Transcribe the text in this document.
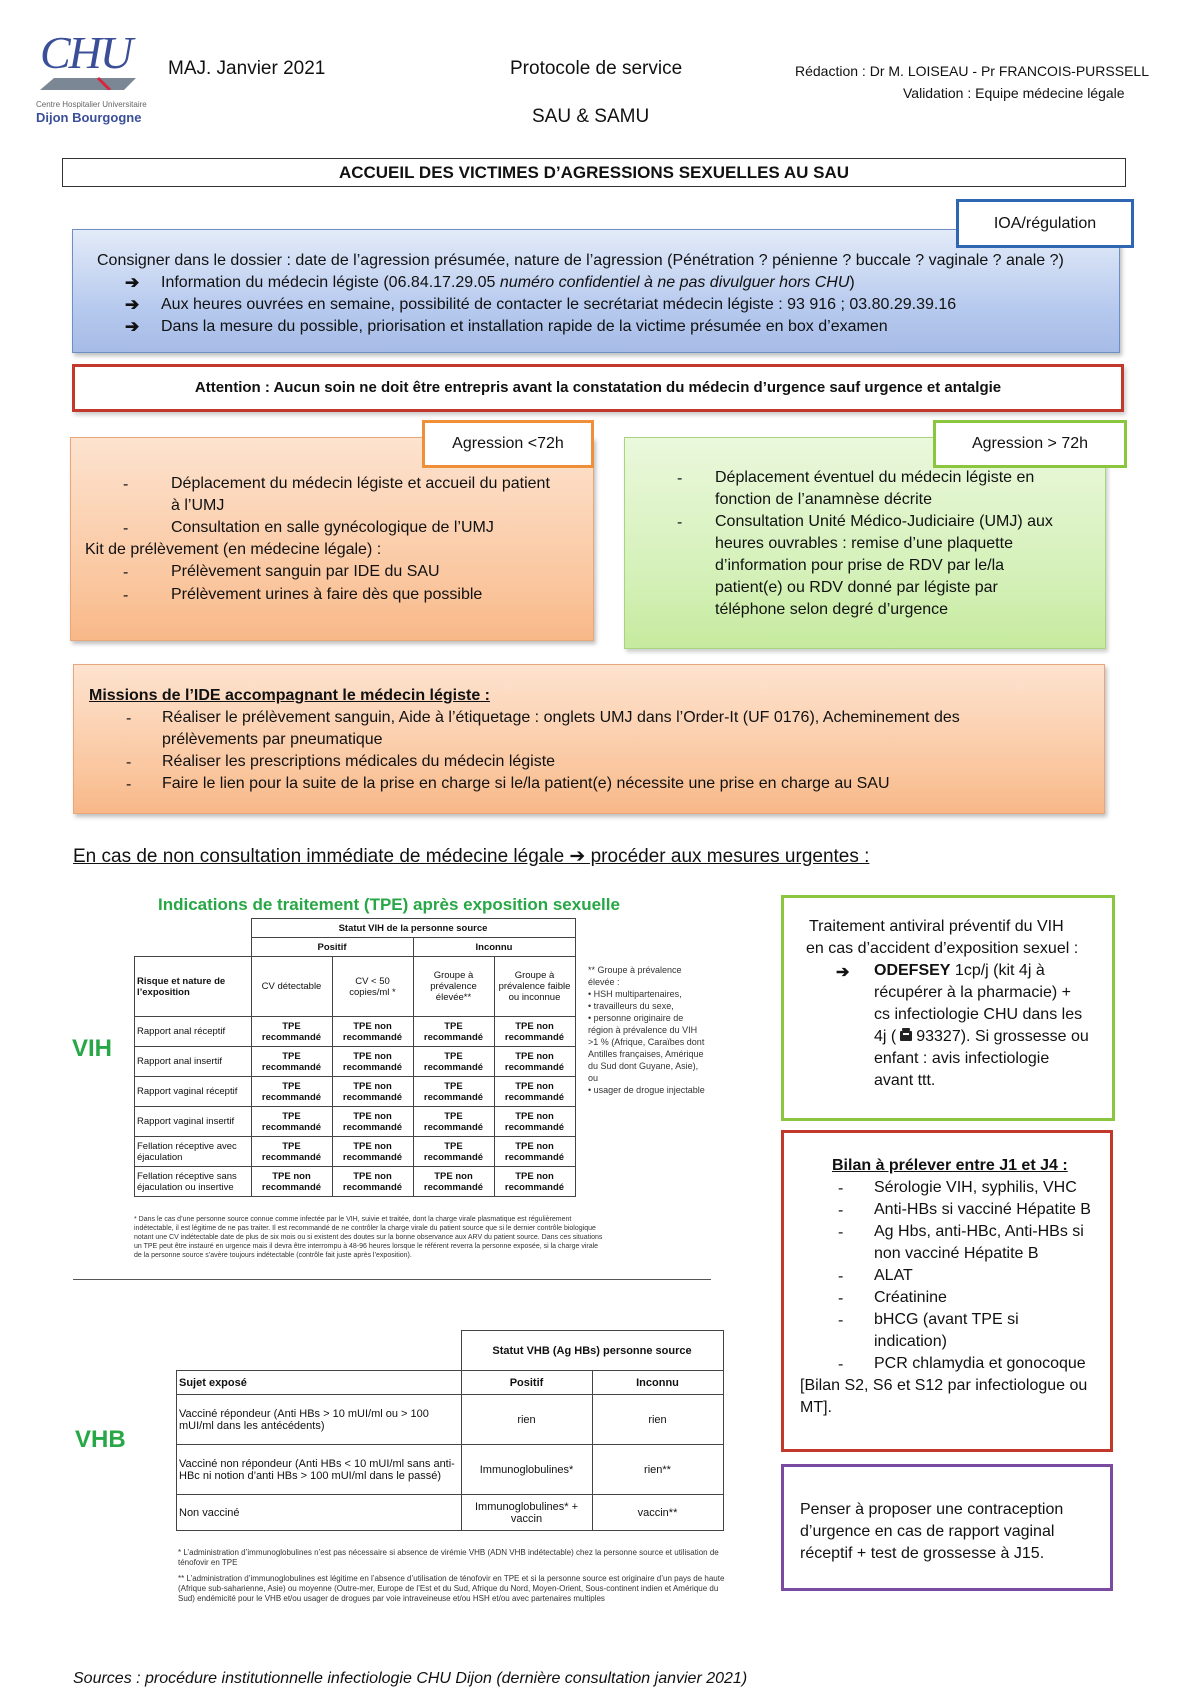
CHU
Centre Hospitalier Universitaire
Dijon Bourgogne
MAJ. Janvier 2021	Protocole de service
SAU & SAMU
Rédaction : Dr M. LOISEAU - Pr FRANCOIS-PURSSELL
Validation : Equipe médecine légale
ACCUEIL DES VICTIMES D’AGRESSIONS SEXUELLES AU SAU
IOA/régulation
Consigner dans le dossier : date de l’agression présumée, nature de l’agression (Pénétration ? pénienne ? buccale ? vaginale ? anale ?)
➔ Information du médecin légiste (06.84.17.29.05 numéro confidentiel à ne pas divulguer hors CHU)
➔ Aux heures ouvrées en semaine, possibilité de contacter le secrétariat médecin légiste : 93 916 ; 03.80.29.39.16
➔ Dans la mesure du possible, priorisation et installation rapide de la victime présumée en box d’examen
Attention : Aucun soin ne doit être entrepris avant la constatation du médecin d’urgence sauf urgence et antalgie
Agression <72h
-	Déplacement du médecin légiste et accueil du patient
à l’UMJ
-	Consultation en salle gynécologique de l’UMJ
Kit de prélèvement (en médecine légale) :
-	Prélèvement sanguin par IDE du SAU
-	Prélèvement urines à faire dès que possible
Agression > 72h
- Déplacement éventuel du médecin légiste en
fonction de l’anamnèse décrite
- Consultation Unité Médico-Judiciaire (UMJ) aux
heures ouvrables : remise d’une plaquette
d’information pour prise de RDV par le/la
patient(e) ou RDV donné par légiste par
téléphone selon degré d’urgence
Missions de l’IDE accompagnant le médecin légiste :
- Réaliser le prélèvement sanguin, Aide à l’étiquetage : onglets UMJ dans l’Order-It (UF 0176), Acheminement des
prélèvements par pneumatique
- Réaliser les prescriptions médicales du médecin légiste
- Faire le lien pour la suite de la prise en charge si le/la patient(e) nécessite une prise en charge au SAU
En cas de non consultation immédiate de médecine légale ➔ procéder aux mesures urgentes :
Indications de traitement (TPE) après exposition sexuelle
VIH
	Statut VIH de la personne source			
	Positif		Inconnu	
Risque et nature de l’exposition	CV détectable	CV < 50 copies/ml *	Groupe à prévalence élevée**	Groupe à prévalence faible ou inconnue
Rapport anal réceptif	TPE recommandé	TPE non recommandé	TPE recommandé	TPE non recommandé
Rapport anal insertif	TPE recommandé	TPE non recommandé	TPE recommandé	TPE non recommandé
Rapport vaginal réceptif	TPE recommandé	TPE non recommandé	TPE recommandé	TPE non recommandé
Rapport vaginal insertif	TPE recommandé	TPE non recommandé	TPE recommandé	TPE non recommandé
Fellation réceptive avec éjaculation	TPE recommandé	TPE non recommandé	TPE recommandé	TPE non recommandé
Fellation réceptive sans éjaculation ou insertive	TPE non recommandé	TPE non recommandé	TPE non recommandé	TPE non recommandé
** Groupe à prévalence élevée :
• HSH multipartenaires,
• travailleurs du sexe,
• personne originaire de région à prévalence du VIH >1 % (Afrique, Caraïbes dont Antilles françaises, Amérique du Sud dont Guyane, Asie), ou
• usager de drogue injectable
* Dans le cas d’une personne source connue comme infectée par le VIH, suivie et traitée, dont la charge virale plasmatique est régulièrement indétectable, il est légitime de ne pas traiter. Il est recommandé de ne contrôler la charge virale du patient source que si le dernier contrôle biologique notant une CV indétectable date de plus de six mois ou si existent des doutes sur la bonne observance aux ARV du patient source. Dans ces situations un TPE peut être instauré en urgence mais il devra être interrompu à 48-96 heures lorsque le référent reverra la personne exposée, si la charge virale de la personne source s’avère toujours indétectable (contrôle fait juste après l’exposition).
VHB
	Statut VHB (Ag HBs) personne source	
Sujet exposé	Positif	Inconnu
Vacciné répondeur (Anti HBs > 10 mUI/ml ou > 100 mUI/ml dans les antécédents)	rien	rien
Vacciné non répondeur (Anti HBs < 10 mUI/ml sans anti-HBc ni notion d’anti HBs > 100 mUI/ml dans le passé)	Immunoglobulines*	rien**
Non vacciné	Immunoglobulines* + vaccin	vaccin**
* L’administration d’immunoglobulines n’est pas nécessaire si absence de virémie VHB (ADN VHB indétectable) chez la personne source et utilisation de ténofovir en TPE
** L’administration d’immunoglobulines est légitime en l’absence d’utilisation de ténofovir en TPE et si la personne source est originaire d’un pays de haute (Afrique sub-saharienne, Asie) ou moyenne (Outre-mer, Europe de l’Est et du Sud, Afrique du Nord, Moyen-Orient, Sous-continent indien et Amérique du Sud) endémicité pour le VHB et/ou usager de drogues par voie intraveineuse et/ou HSH et/ou avec partenaires multiples
Traitement antiviral préventif du VIH
en cas d’accident d’exposition sexuel :
➔ ODEFSEY 1cp/j (kit 4j à
récupérer à la pharmacie) +
cs infectiologie CHU dans les
4j ( 93327). Si grossesse ou
enfant : avis infectiologie
avant ttt.
Bilan à prélever entre J1 et J4 :
- Sérologie VIH, syphilis, VHC
- Anti-HBs si vacciné Hépatite B
- Ag Hbs, anti-HBc, Anti-HBs si
non vacciné Hépatite B
- ALAT
- Créatinine
- bHCG (avant TPE si
indication)
- PCR chlamydia et gonocoque
[Bilan S2, S6 et S12 par infectiologue ou
MT].
Penser à proposer une contraception
d’urgence en cas de rapport vaginal
réceptif + test de grossesse à J15.
Sources : procédure institutionnelle infectiologie CHU Dijon (dernière consultation janvier 2021)
